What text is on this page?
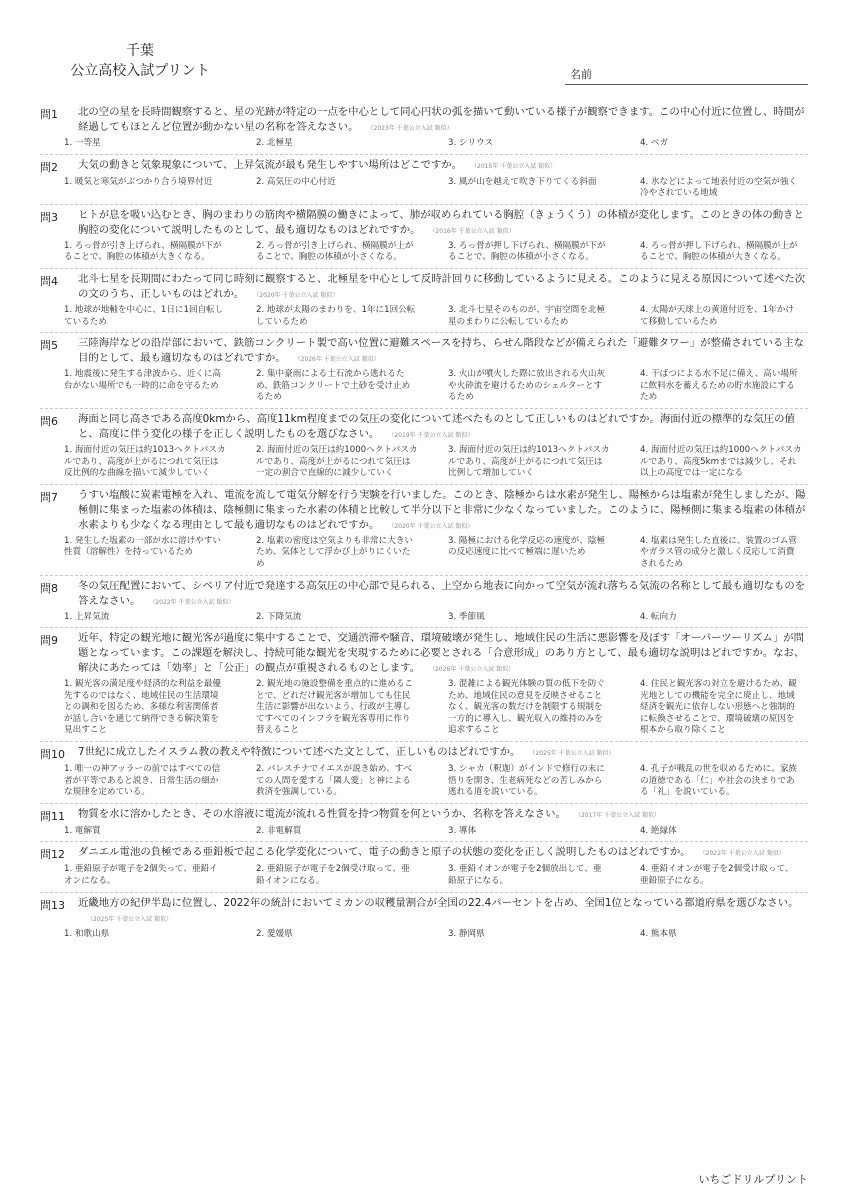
千葉
公立高校入試プリント	名前
問1	北の空の星を長時間観察すると、星の光跡が特定の一点を中心として同心円状の弧を描いて動いている様子が観察できます。この中心付近に位置し、時間が経過してもほとんど位置が動かない星の名称を答えなさい。 （2023年 千葉公立入試 類似）
1. 一等星	2. 北極星	3. シリウス	4. ベガ
問2	大気の動きと気象現象について、上昇気流が最も発生しやすい場所はどこですか。 （2015年 千葉公立入試 類似）
1. 暖気と寒気がぶつかり合う境界付近	2. 高気圧の中心付近	3. 風が山を越えて吹き下りてくる斜面	4. 氷などによって地表付近の空気が強く冷やされている地域
問3	ヒトが息を吸い込むとき、胸のまわりの筋肉や横隔膜の働きによって、肺が収められている胸腔（きょうくう）の体積が変化します。このときの体の動きと胸腔の変化について説明したものとして、最も適切なものはどれですか。 （2016年 千葉公立入試 類似）
1. ろっ骨が引き上げられ、横隔膜が下がることで、胸腔の体積が大きくなる。
2. ろっ骨が引き上げられ、横隔膜が上がることで、胸腔の体積が小さくなる。
3. ろっ骨が押し下げられ、横隔膜が下がることで、胸腔の体積が小さくなる。
4. ろっ骨が押し下げられ、横隔膜が上がることで、胸腔の体積が大きくなる。
問4	北斗七星を長期間にわたって同じ時刻に観察すると、北極星を中心として反時計回りに移動しているように見える。このように見える原因について述べた次の文のうち、正しいものはどれか。 （2020年 千葉公立入試 類似）
1. 地球が地軸を中心に、1日に1回自転しているため
2. 地球が太陽のまわりを、1年に1回公転しているため
3. 北斗七星そのものが、宇宙空間を北極星のまわりに公転しているため
4. 太陽が天球上の黄道付近を、1年かけて移動しているため
問5	三陸海岸などの沿岸部において、鉄筋コンクリート製で高い位置に避難スペースを持ち、らせん階段などが備えられた「避難タワー」が整備されている主な目的として、最も適切なものはどれですか。 （2026年 千葉公立入試 類似）
1. 地震後に発生する津波から、近くに高台がない場所でも一時的に命を守るため
2. 集中豪雨による土石流から逃れるため、鉄筋コンクリートで土砂を受け止めるため
3. 火山が噴火した際に放出される火山灰や火砕流を避けるためのシェルターとするため
4. 干ばつによる水不足に備え、高い場所に飲料水を蓄えるための貯水施設にするため
問6	海面と同じ高さである高度0kmから、高度11km程度までの気圧の変化について述べたものとして正しいものはどれですか。海面付近の標準的な気圧の値と、高度に伴う変化の様子を正しく説明したものを選びなさい。 （2019年 千葉公立入試 類似）
1. 海面付近の気圧は約1013ヘクトパスカルであり、高度が上がるにつれて気圧は反比例的な曲線を描いて減少していく
2. 海面付近の気圧は約1000ヘクトパスカルであり、高度が上がるにつれて気圧は一定の割合で直線的に減少していく
3. 海面付近の気圧は約1013ヘクトパスカルであり、高度が上がるにつれて気圧は比例して増加していく
4. 海面付近の気圧は約1000ヘクトパスカルであり、高度5kmまでは減少し、それ以上の高度では一定になる
問7	うすい塩酸に炭素電極を入れ、電流を流して電気分解を行う実験を行いました。このとき、陰極からは水素が発生し、陽極からは塩素が発生しましたが、陽極側に集まった塩素の体積は、陰極側に集まった水素の体積と比較して半分以下と非常に少なくなっていました。このように、陽極側に集まる塩素の体積が水素よりも少なくなる理由として最も適切なものはどれですか。 （2020年 千葉公立入試 類似）
1. 発生した塩素の一部が水に溶けやすい性質（溶解性）を持っているため
2. 塩素の密度は空気よりも非常に大きいため、気体として浮かび上がりにくいため
3. 陽極における化学反応の速度が、陰極の反応速度に比べて極端に遅いため
4. 塩素は発生した直後に、装置のゴム管やガラス管の成分と激しく反応して消費されるため
問8	冬の気圧配置において、シベリア付近で発達する高気圧の中心部で見られる、上空から地表に向かって空気が流れ落ちる気流の名称として最も適切なものを答えなさい。 （2022年 千葉公立入試 類似）
1. 上昇気流	2. 下降気流	3. 季節風	4. 転向力
問9	近年、特定の観光地に観光客が過度に集中することで、交通渋滞や騒音、環境破壊が発生し、地域住民の生活に悪影響を及ぼす「オーバーツーリズム」が問題となっています。この課題を解決し、持続可能な観光を実現するために必要とされる「合意形成」のあり方として、最も適切な説明はどれですか。なお、解決にあたっては「効率」と「公正」の観点が重視されるものとします。 （2026年 千葉公立入試 類似）
1. 観光客の満足度や経済的な利益を最優先するのではなく、地域住民の生活環境との調和を図るため、多様な利害関係者が話し合いを通じて納得できる解決策を見出すこと
2. 観光地の施設整備を重点的に進めることで、どれだけ観光客が増加しても住民生活に影響が出ないよう、行政が主導してすべてのインフラを観光客専用に作り替えること
3. 混雑による観光体験の質の低下を防ぐため、地域住民の意見を反映させることなく、観光客の数だけを制限する規制を一方的に導入し、観光収入の維持のみを追求すること
4. 住民と観光客の対立を避けるため、観光地としての機能を完全に廃止し、地域経済を観光に依存しない形態へと強制的に転換させることで、環境破壊の原因を根本から取り除くこと
問10	7世紀に成立したイスラム教の教えや特徴について述べた文として、正しいものはどれですか。 （2025年 千葉公立入試 類似）
1. 唯一の神アッラーの前ではすべての信者が平等であると説き、日常生活の細かな規律を定めている。
2. パレスチナでイエスが説き始め、すべての人間を愛する「隣人愛」と神による救済を強調している。
3. シャカ（釈迦）がインドで修行の末に悟りを開き、生老病死などの苦しみから逃れる道を説いている。
4. 孔子が戦乱の世を収めるために、家族の道徳である「仁」や社会の決まりである「礼」を説いている。
問11	物質を水に溶かしたとき、その水溶液に電流が流れる性質を持つ物質を何というか、名称を答えなさい。 （2017年 千葉公立入試 類似）
1. 電解質	2. 非電解質	3. 導体	4. 絶縁体
問12	ダニエル電池の負極である亜鉛板で起こる化学変化について、電子の動きと原子の状態の変化を正しく説明したものはどれですか。 （2022年 千葉公立入試 類似）
1. 亜鉛原子が電子を2個失って、亜鉛イオンになる。
2. 亜鉛原子が電子を2個受け取って、亜鉛イオンになる。
3. 亜鉛イオンが電子を2個放出して、亜鉛原子になる。
4. 亜鉛イオンが電子を2個受け取って、亜鉛原子になる。
問13	近畿地方の紀伊半島に位置し、2022年の統計においてミカンの収穫量割合が全国の22.4パーセントを占め、全国1位となっている都道府県を選びなさい。（2025年 千葉公立入試 類似）
1. 和歌山県	2. 愛媛県	3. 静岡県	4. 熊本県
いちごドリルプリント
